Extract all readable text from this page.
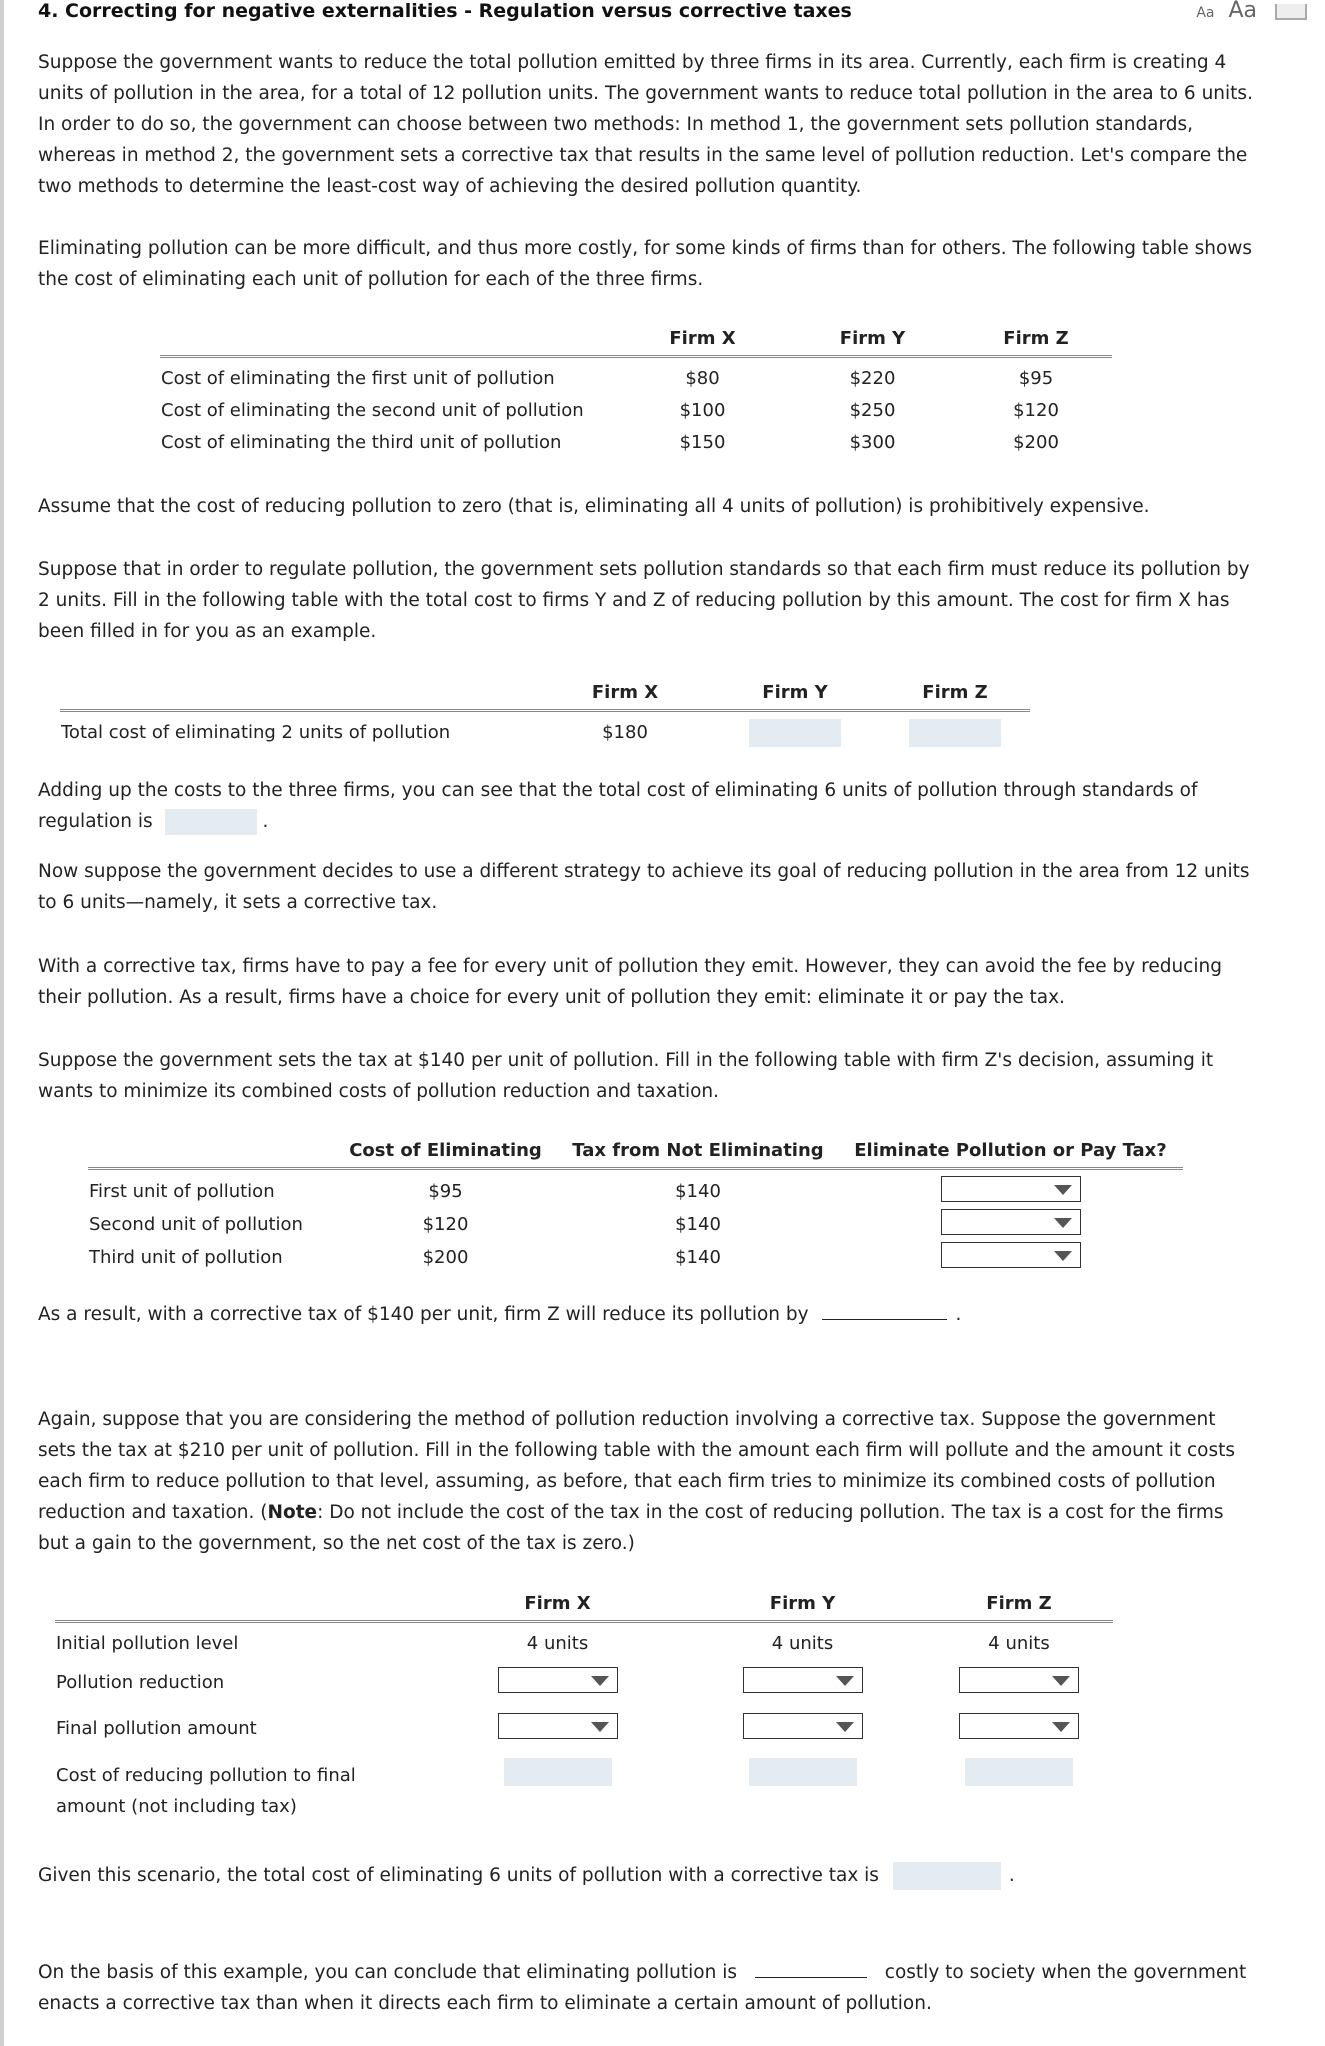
4. Correcting for negative externalities - Regulation versus corrective taxes	Aa Aa
Suppose the government wants to reduce the total pollution emitted by three firms in its area. Currently, each firm is creating 4 units of pollution in the area, for a total of 12 pollution units. The government wants to reduce total pollution in the area to 6 units. In order to do so, the government can choose between two methods: In method 1, the government sets pollution standards, whereas in method 2, the government sets a corrective tax that results in the same level of pollution reduction. Let's compare the two methods to determine the least-cost way of achieving the desired pollution quantity.
Eliminating pollution can be more difficult, and thus more costly, for some kinds of firms than for others. The following table shows the cost of eliminating each unit of pollution for each of the three firms.
	Firm X	Firm Y	Firm Z
Cost of eliminating the first unit of pollution	$80	$220	$95
Cost of eliminating the second unit of pollution	$100	$250	$120
Cost of eliminating the third unit of pollution	$150	$300	$200
Assume that the cost of reducing pollution to zero (that is, eliminating all 4 units of pollution) is prohibitively expensive.
Suppose that in order to regulate pollution, the government sets pollution standards so that each firm must reduce its pollution by 2 units. Fill in the following table with the total cost to firms Y and Z of reducing pollution by this amount. The cost for firm X has been filled in for you as an example.
	Firm X	Firm Y	Firm Z
Total cost of eliminating 2 units of pollution	$180		
Adding up the costs to the three firms, you can see that the total cost of eliminating 6 units of pollution through standards of regulation is	.
Now suppose the government decides to use a different strategy to achieve its goal of reducing pollution in the area from 12 units to 6 units—namely, it sets a corrective tax.
With a corrective tax, firms have to pay a fee for every unit of pollution they emit. However, they can avoid the fee by reducing their pollution. As a result, firms have a choice for every unit of pollution they emit: eliminate it or pay the tax.
Suppose the government sets the tax at $140 per unit of pollution. Fill in the following table with firm Z's decision, assuming it wants to minimize its combined costs of pollution reduction and taxation.
	Cost of Eliminating	Tax from Not Eliminating	Eliminate Pollution or Pay Tax?
First unit of pollution	$95	$140	

Second unit of pollution	$120	$140	

Third unit of pollution	$200	$140	
As a result, with a corrective tax of $140 per unit, firm Z will reduce its pollution by	.
Again, suppose that you are considering the method of pollution reduction involving a corrective tax. Suppose the government sets the tax at $210 per unit of pollution. Fill in the following table with the amount each firm will pollute and the amount it costs each firm to reduce pollution to that level, assuming, as before, that each firm tries to minimize its combined costs of pollution reduction and taxation. (Note: Do not include the cost of the tax in the cost of reducing pollution. The tax is a cost for the firms but a gain to the government, so the net cost of the tax is zero.)
	Firm X	Firm Y	Firm Z
Initial pollution level	4 units	4 units	4 units
Pollution reduction	

Final pollution amount	

Cost of reducing pollution to final
amount (not including tax)			
Given this scenario, the total cost of eliminating 6 units of pollution with a corrective tax is	.
On the basis of this example, you can conclude that eliminating pollution is	costly to society when the government enacts a corrective tax than when it directs each firm to eliminate a certain amount of pollution.
